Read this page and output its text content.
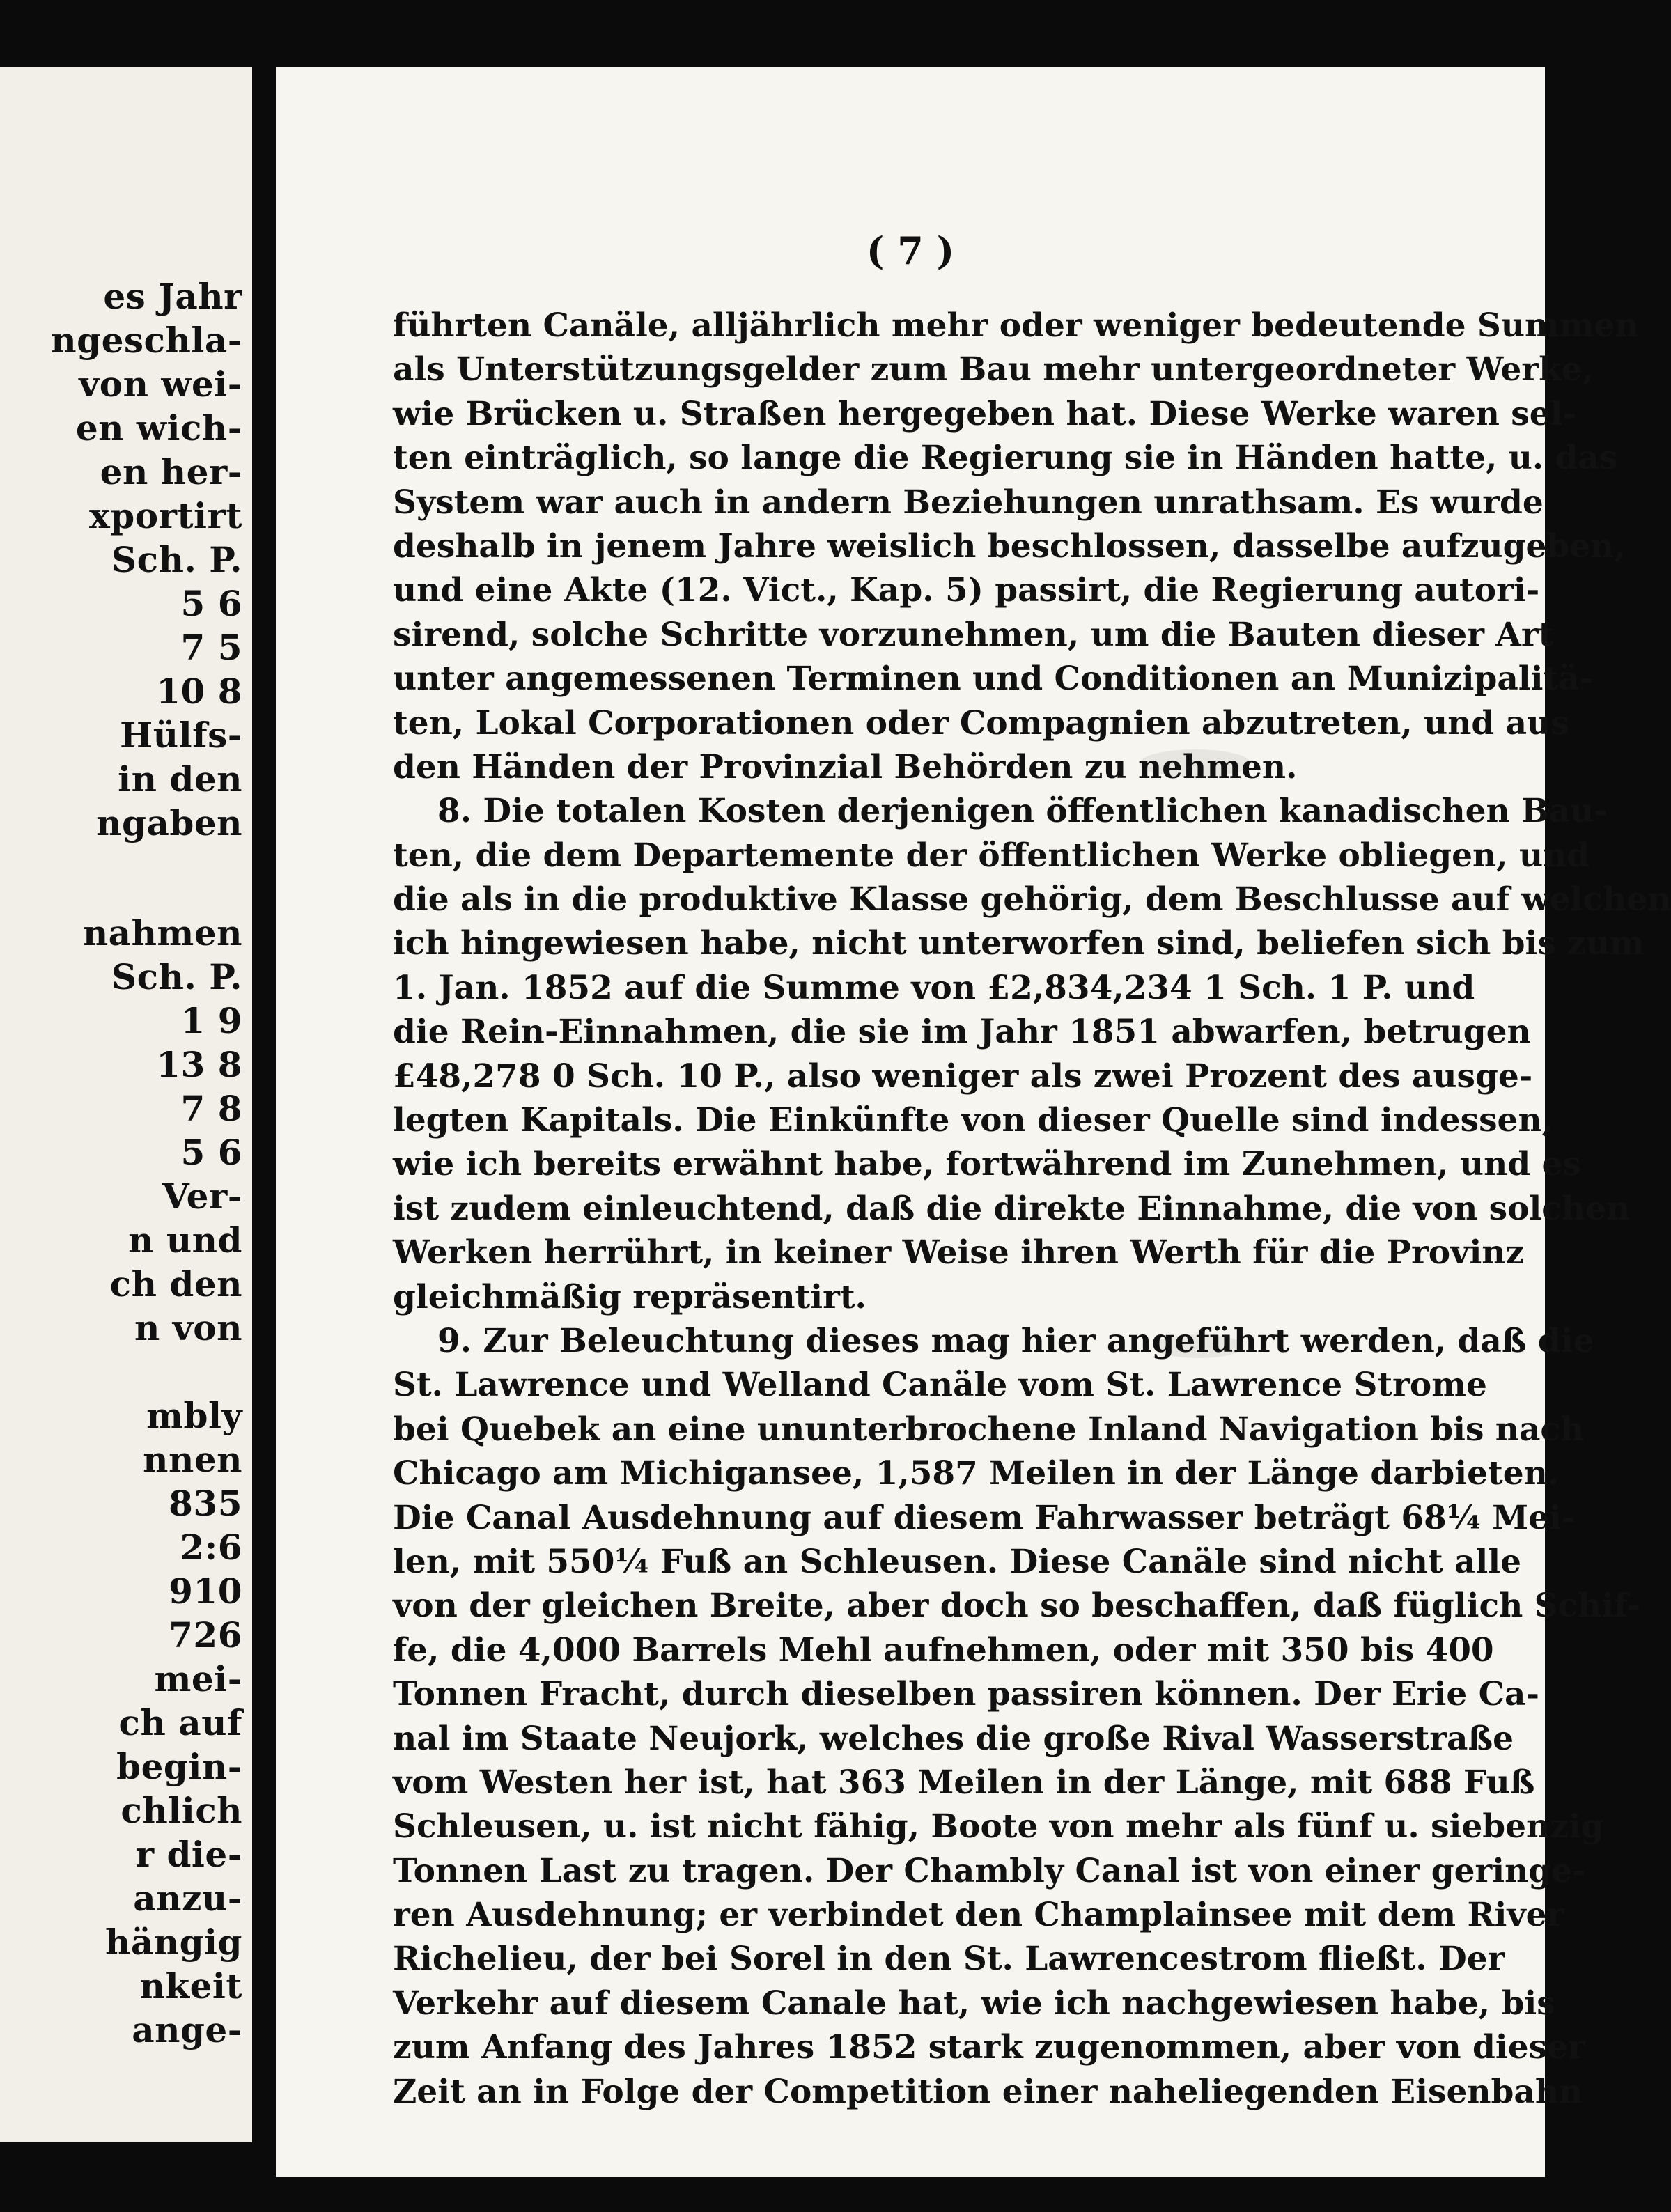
es Jahr
ngeschla-
von wei-
en wich-
en her-
xportirt
Sch. P.
5 6
7 5
10 8
Hülfs-
in den
ngaben
nahmen
Sch. P.
1 9
13 8
7 8
5 6
Ver-
n und
ch den
n von
mbly
nnen
835
2:6
910
726
mei-
ch auf
begin-
chlich
r die-
anzu-
hängig
nkeit
ange-
( 7 )
führten Canäle, alljährlich mehr oder weniger bedeutende Summen
als Unterstützungsgelder zum Bau mehr untergeordneter Werke,
wie Brücken u. Straßen hergegeben hat. Diese Werke waren sel-
ten einträglich, so lange die Regierung sie in Händen hatte, u. das
System war auch in andern Beziehungen unrathsam. Es wurde
deshalb in jenem Jahre weislich beschlossen, dasselbe aufzugeben,
und eine Akte (12. Vict., Kap. 5) passirt, die Regierung autori-
sirend, solche Schritte vorzunehmen, um die Bauten dieser Art
unter angemessenen Terminen und Conditionen an Munizipalitä-
ten, Lokal Corporationen oder Compagnien abzutreten, und aus
den Händen der Provinzial Behörden zu nehmen.
8. Die totalen Kosten derjenigen öffentlichen kanadischen Bau-
ten, die dem Departemente der öffentlichen Werke obliegen, und
die als in die produktive Klasse gehörig, dem Beschlusse auf welchen
ich hingewiesen habe, nicht unterworfen sind, beliefen sich bis zum
1. Jan. 1852 auf die Summe von £2,834,234 1 Sch. 1 P. und
die Rein-Einnahmen, die sie im Jahr 1851 abwarfen, betrugen
£48,278 0 Sch. 10 P., also weniger als zwei Prozent des ausge-
legten Kapitals. Die Einkünfte von dieser Quelle sind indessen,
wie ich bereits erwähnt habe, fortwährend im Zunehmen, und es
ist zudem einleuchtend, daß die direkte Einnahme, die von solchen
Werken herrührt, in keiner Weise ihren Werth für die Provinz
gleichmäßig repräsentirt.
9. Zur Beleuchtung dieses mag hier angeführt werden, daß die
St. Lawrence und Welland Canäle vom St. Lawrence Strome
bei Quebek an eine ununterbrochene Inland Navigation bis nach
Chicago am Michigansee, 1,587 Meilen in der Länge darbieten.
Die Canal Ausdehnung auf diesem Fahrwasser beträgt 68¼ Mei-
len, mit 550¼ Fuß an Schleusen. Diese Canäle sind nicht alle
von der gleichen Breite, aber doch so beschaffen, daß füglich Schif-
fe, die 4,000 Barrels Mehl aufnehmen, oder mit 350 bis 400
Tonnen Fracht, durch dieselben passiren können. Der Erie Ca-
nal im Staate Neujork, welches die große Rival Wasserstraße
vom Westen her ist, hat 363 Meilen in der Länge, mit 688 Fuß
Schleusen, u. ist nicht fähig, Boote von mehr als fünf u. siebenzig
Tonnen Last zu tragen. Der Chambly Canal ist von einer geringe-
ren Ausdehnung; er verbindet den Champlainsee mit dem River
Richelieu, der bei Sorel in den St. Lawrencestrom fließt. Der
Verkehr auf diesem Canale hat, wie ich nachgewiesen habe, bis
zum Anfang des Jahres 1852 stark zugenommen, aber von dieser
Zeit an in Folge der Competition einer naheliegenden Eisenbahn
